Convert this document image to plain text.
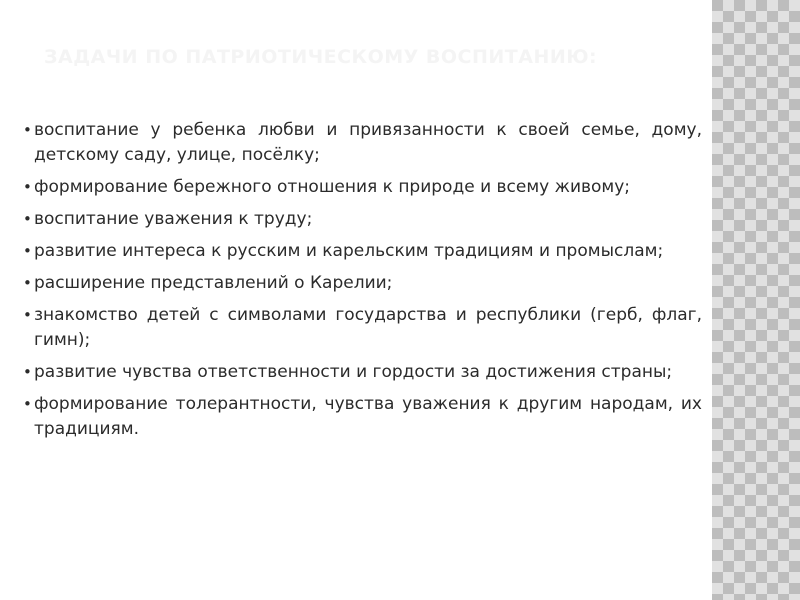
ЗАДАЧИ ПО ПАТРИОТИЧЕСКОМУ ВОСПИТАНИЮ:
• воспитание у ребенка любви и привязанности к своей семье, дому, детскому саду, улице, посёлку;
• формирование бережного отношения к природе и всему живому;
• воспитание уважения к труду;
• развитие интереса к русским и карельским традициям и промыслам;
• расширение представлений о Карелии;
• знакомство детей с символами государства и республики (герб, флаг, гимн);
• развитие чувства ответственности и гордости за достижения страны;
• формирование толерантности, чувства уважения к другим народам, их традициям.
